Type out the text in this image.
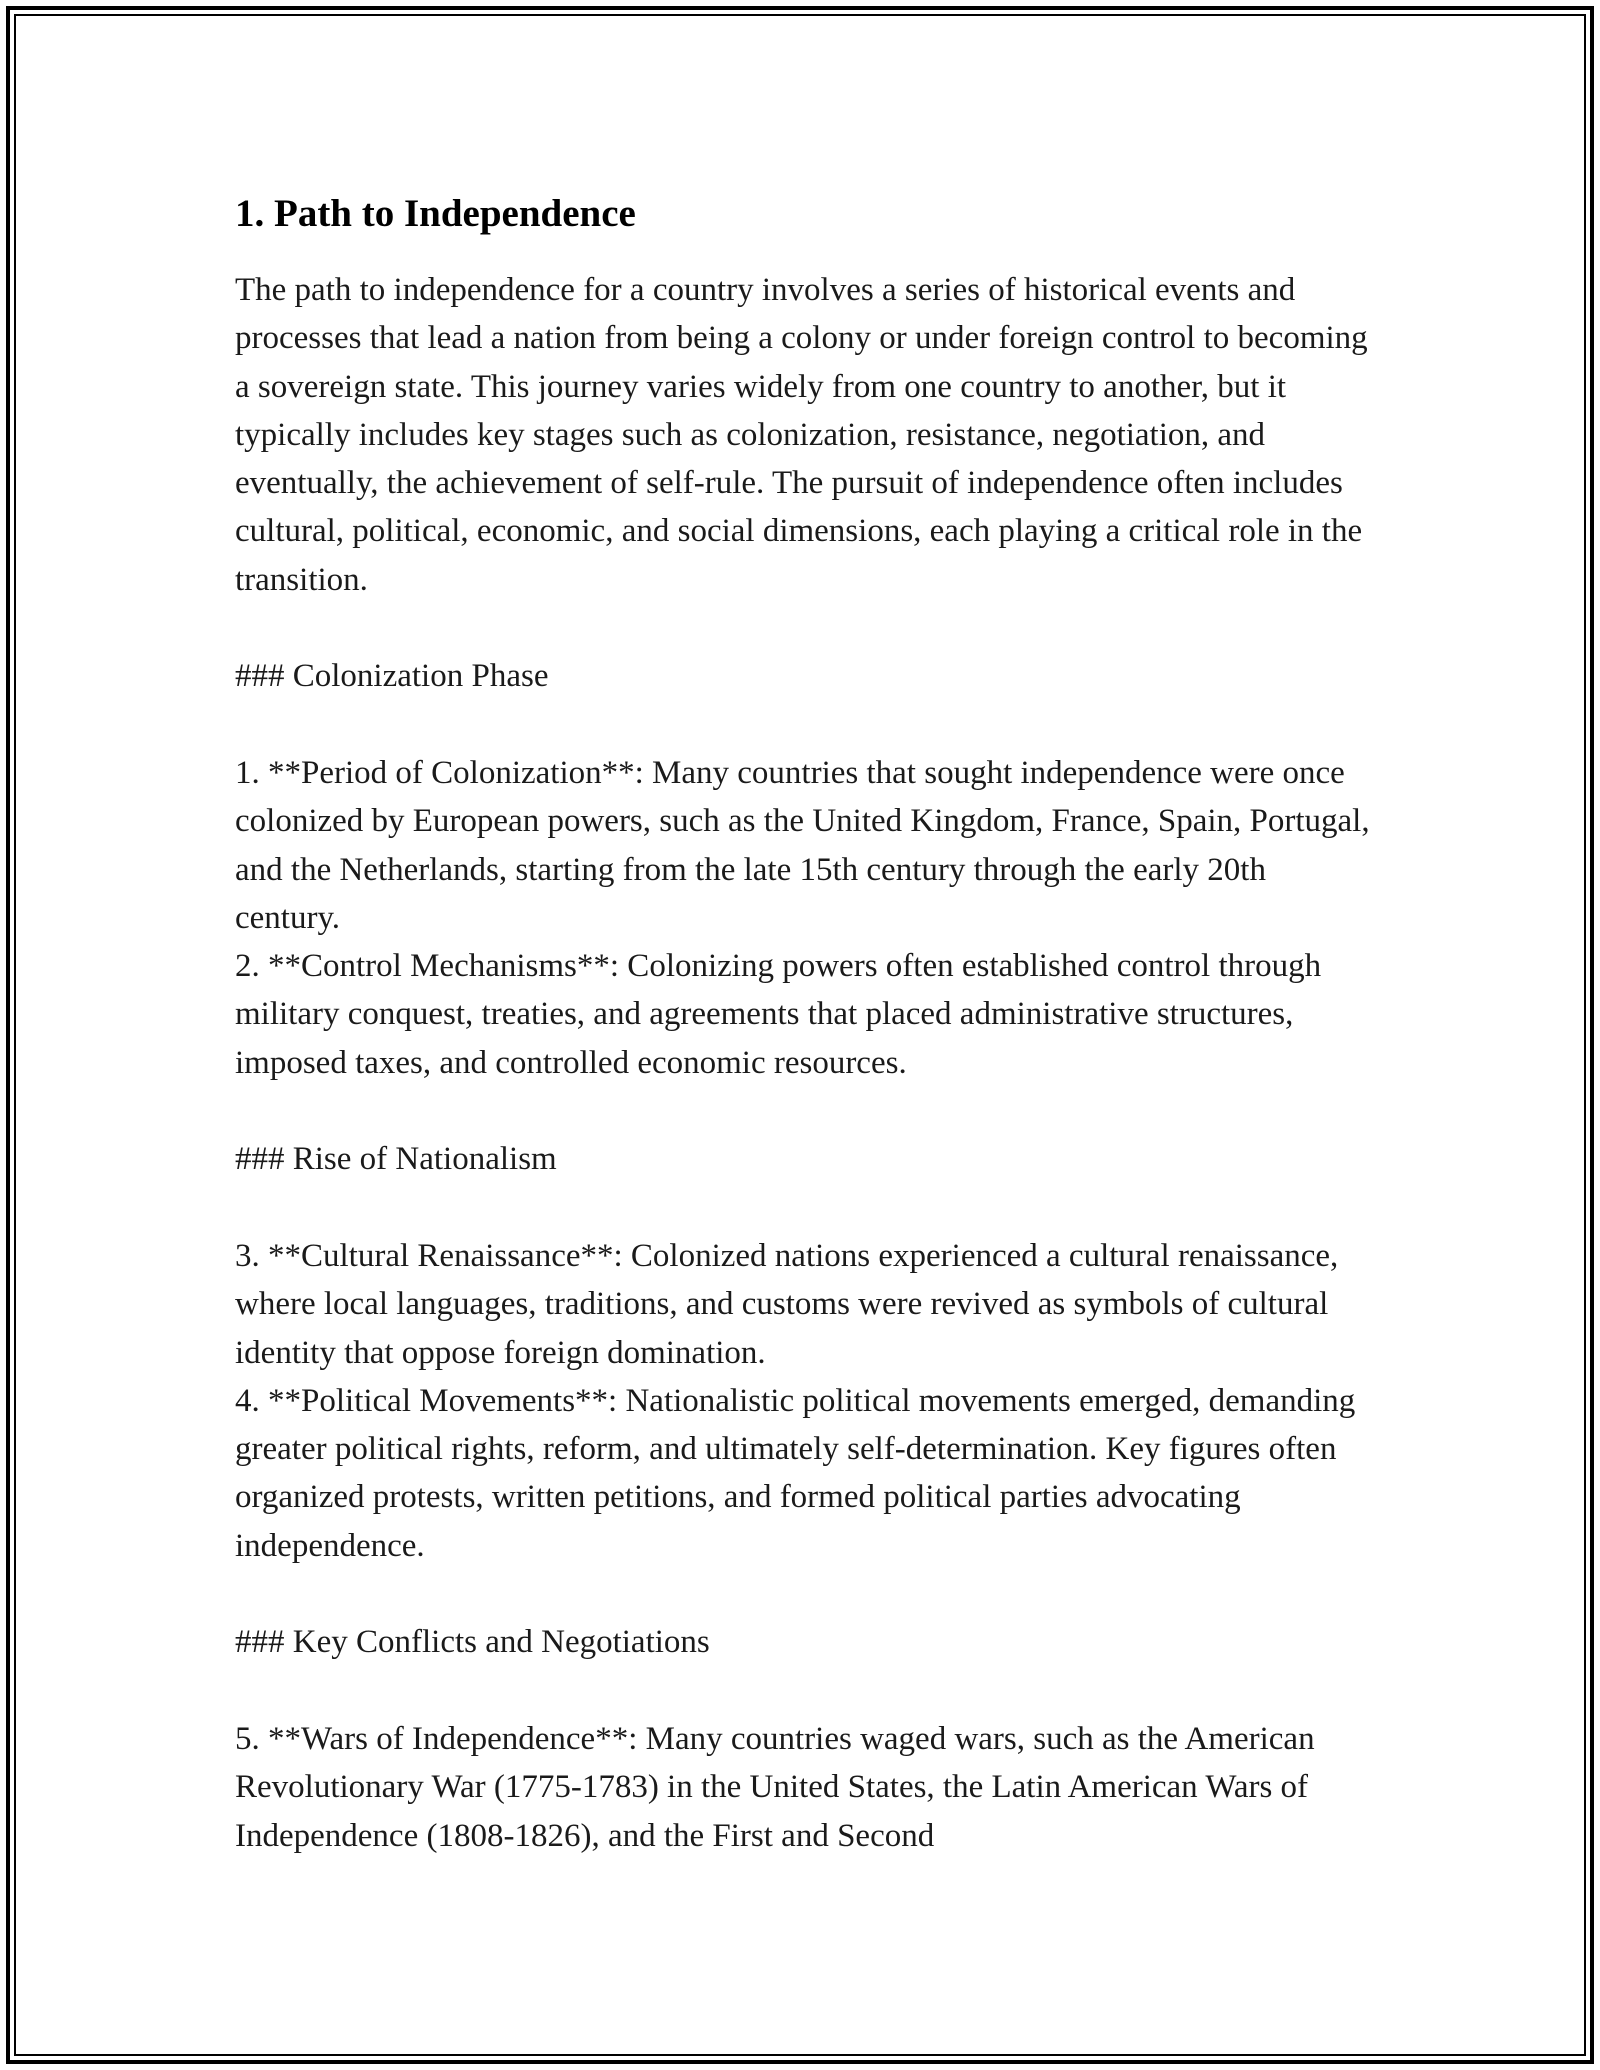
1. Path to Independence

The path to independence for a country involves a series of historical events and processes that lead a nation from being a colony or under foreign control to becoming a sovereign state. This journey varies widely from one country to another, but it typically includes key stages such as colonization, resistance, negotiation, and eventually, the achievement of self-rule. The pursuit of independence often includes cultural, political, economic, and social dimensions, each playing a critical role in the transition.

### Colonization Phase

1. **Period of Colonization**: Many countries that sought independence were once colonized by European powers, such as the United Kingdom, France, Spain, Portugal, and the Netherlands, starting from the late 15th century through the early 20th century.
2. **Control Mechanisms**: Colonizing powers often established control through military conquest, treaties, and agreements that placed administrative structures, imposed taxes, and controlled economic resources.

### Rise of Nationalism

3. **Cultural Renaissance**: Colonized nations experienced a cultural renaissance, where local languages, traditions, and customs were revived as symbols of cultural identity that oppose foreign domination.
4. **Political Movements**: Nationalistic political movements emerged, demanding greater political rights, reform, and ultimately self-determination. Key figures often organized protests, written petitions, and formed political parties advocating independence.

### Key Conflicts and Negotiations

5. **Wars of Independence**: Many countries waged wars, such as the American Revolutionary War (1775-1783) in the United States, the Latin American Wars of Independence (1808-1826), and the First and Second
